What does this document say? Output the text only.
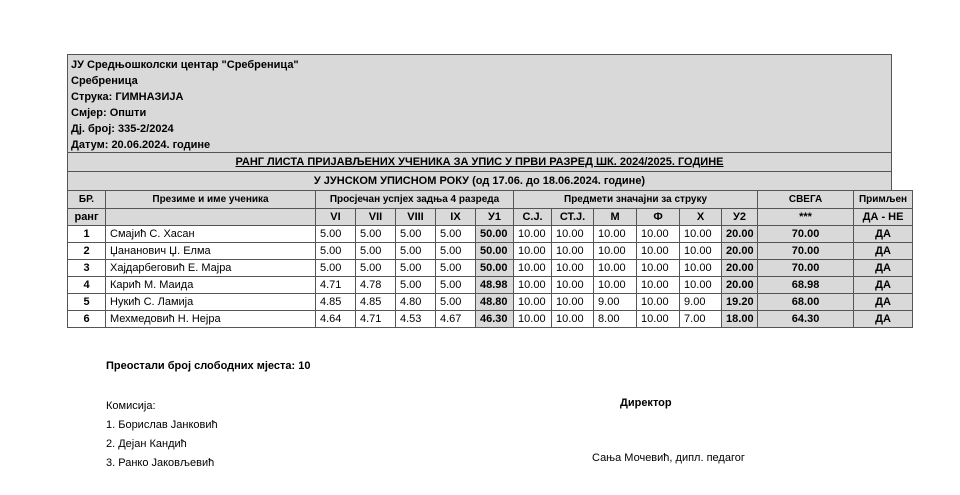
ЈУ Средњошколски центар "Сребреница"
Сребреница
Струка: ГИМНАЗИЈА
Смјер: Општи
Дј. број: 335-2/2024
Датум: 20.06.2024. године
РАНГ ЛИСТА ПРИЈАВЉЕНИХ УЧЕНИКА ЗА УПИС У ПРВИ РАЗРЕД ШК. 2024/2025. ГОДИНЕ
У ЈУНСКОМ УПИСНОМ РОКУ (од 17.06. до 18.06.2024. године)
БР.	Презиме и име ученика	Просјечан успјех задња 4 разреда					Предмети значајни за струку						СВЕГА	Примљен
ранг		VI	VII	VIII	IX	У1	С.Ј.	СТ.Ј.	М	Ф	Х	У2	***	ДА - НЕ
1	Смајић С. Хасан	5.00	5.00	5.00	5.00	50.00	10.00	10.00	10.00	10.00	10.00	20.00	70.00	ДА
2	Џананович Џ. Елма	5.00	5.00	5.00	5.00	50.00	10.00	10.00	10.00	10.00	10.00	20.00	70.00	ДА
3	Хајдарбеговић Е. Мајра	5.00	5.00	5.00	5.00	50.00	10.00	10.00	10.00	10.00	10.00	20.00	70.00	ДА
4	Карић М. Маида	4.71	4.78	5.00	5.00	48.98	10.00	10.00	10.00	10.00	10.00	20.00	68.98	ДА
5	Нукић С. Ламија	4.85	4.85	4.80	5.00	48.80	10.00	10.00	9.00	10.00	9.00	19.20	68.00	ДА
6	Мехмедовић Н. Нејра	4.64	4.71	4.53	4.67	46.30	10.00	10.00	8.00	10.00	7.00	18.00	64.30	ДА
Преостали број слободних мјеста: 10
Комисија:
1. Борислав Јанковић
2. Дејан Кандић
3. Ранко Јаковљевић
Директор
Сања Мочевић, дипл. педагог
